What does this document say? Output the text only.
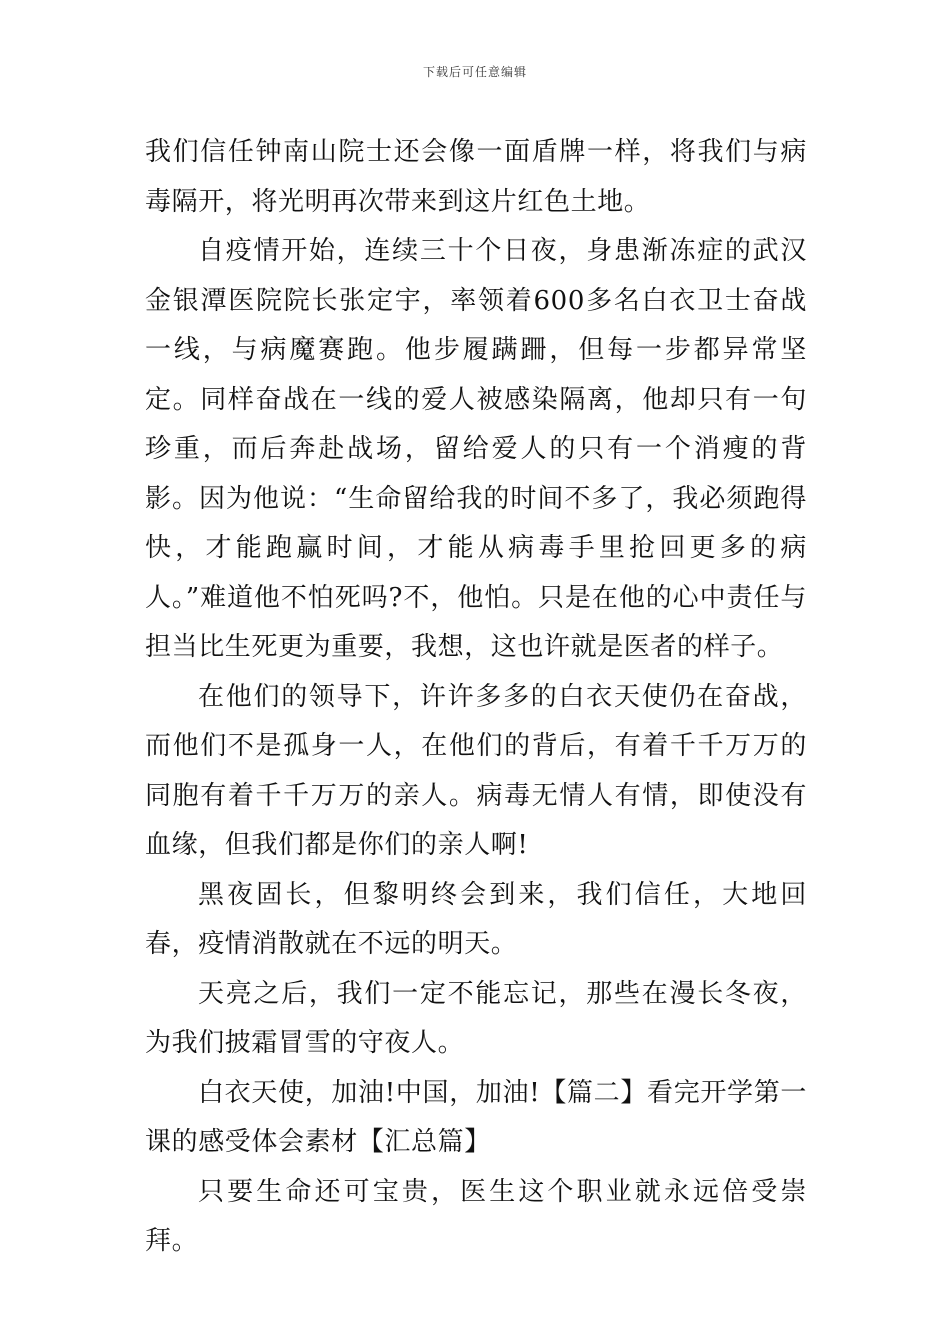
下载后可任意编辑

我们信任钟南山院士还会像一面盾牌一样，将我们与病毒隔开，将光明再次带来到这片红色土地。

自疫情开始，连续三十个日夜，身患渐冻症的武汉金银潭医院院长张定宇，率领着600多名白衣卫士奋战一线，与病魔赛跑。他步履蹒跚，但每一步都异常坚定。同样奋战在一线的爱人被感染隔离，他却只有一句珍重，而后奔赴战场，留给爱人的只有一个消瘦的背影。因为他说：“生命留给我的时间不多了，我必须跑得快，才能跑赢时间，才能从病毒手里抢回更多的病人。”难道他不怕死吗?不，他怕。只是在他的心中责任与担当比生死更为重要，我想，这也许就是医者的样子。

在他们的领导下，许许多多的白衣天使仍在奋战，而他们不是孤身一人，在他们的背后，有着千千万万的同胞有着千千万万的亲人。病毒无情人有情，即使没有血缘，但我们都是你们的亲人啊!

黑夜固长，但黎明终会到来，我们信任，大地回春，疫情消散就在不远的明天。

天亮之后，我们一定不能忘记，那些在漫长冬夜，为我们披霜冒雪的守夜人。

白衣天使，加油!中国，加油!【篇二】看完开学第一课的感受体会素材【汇总篇】

只要生命还可宝贵，医生这个职业就永远倍受崇拜。
